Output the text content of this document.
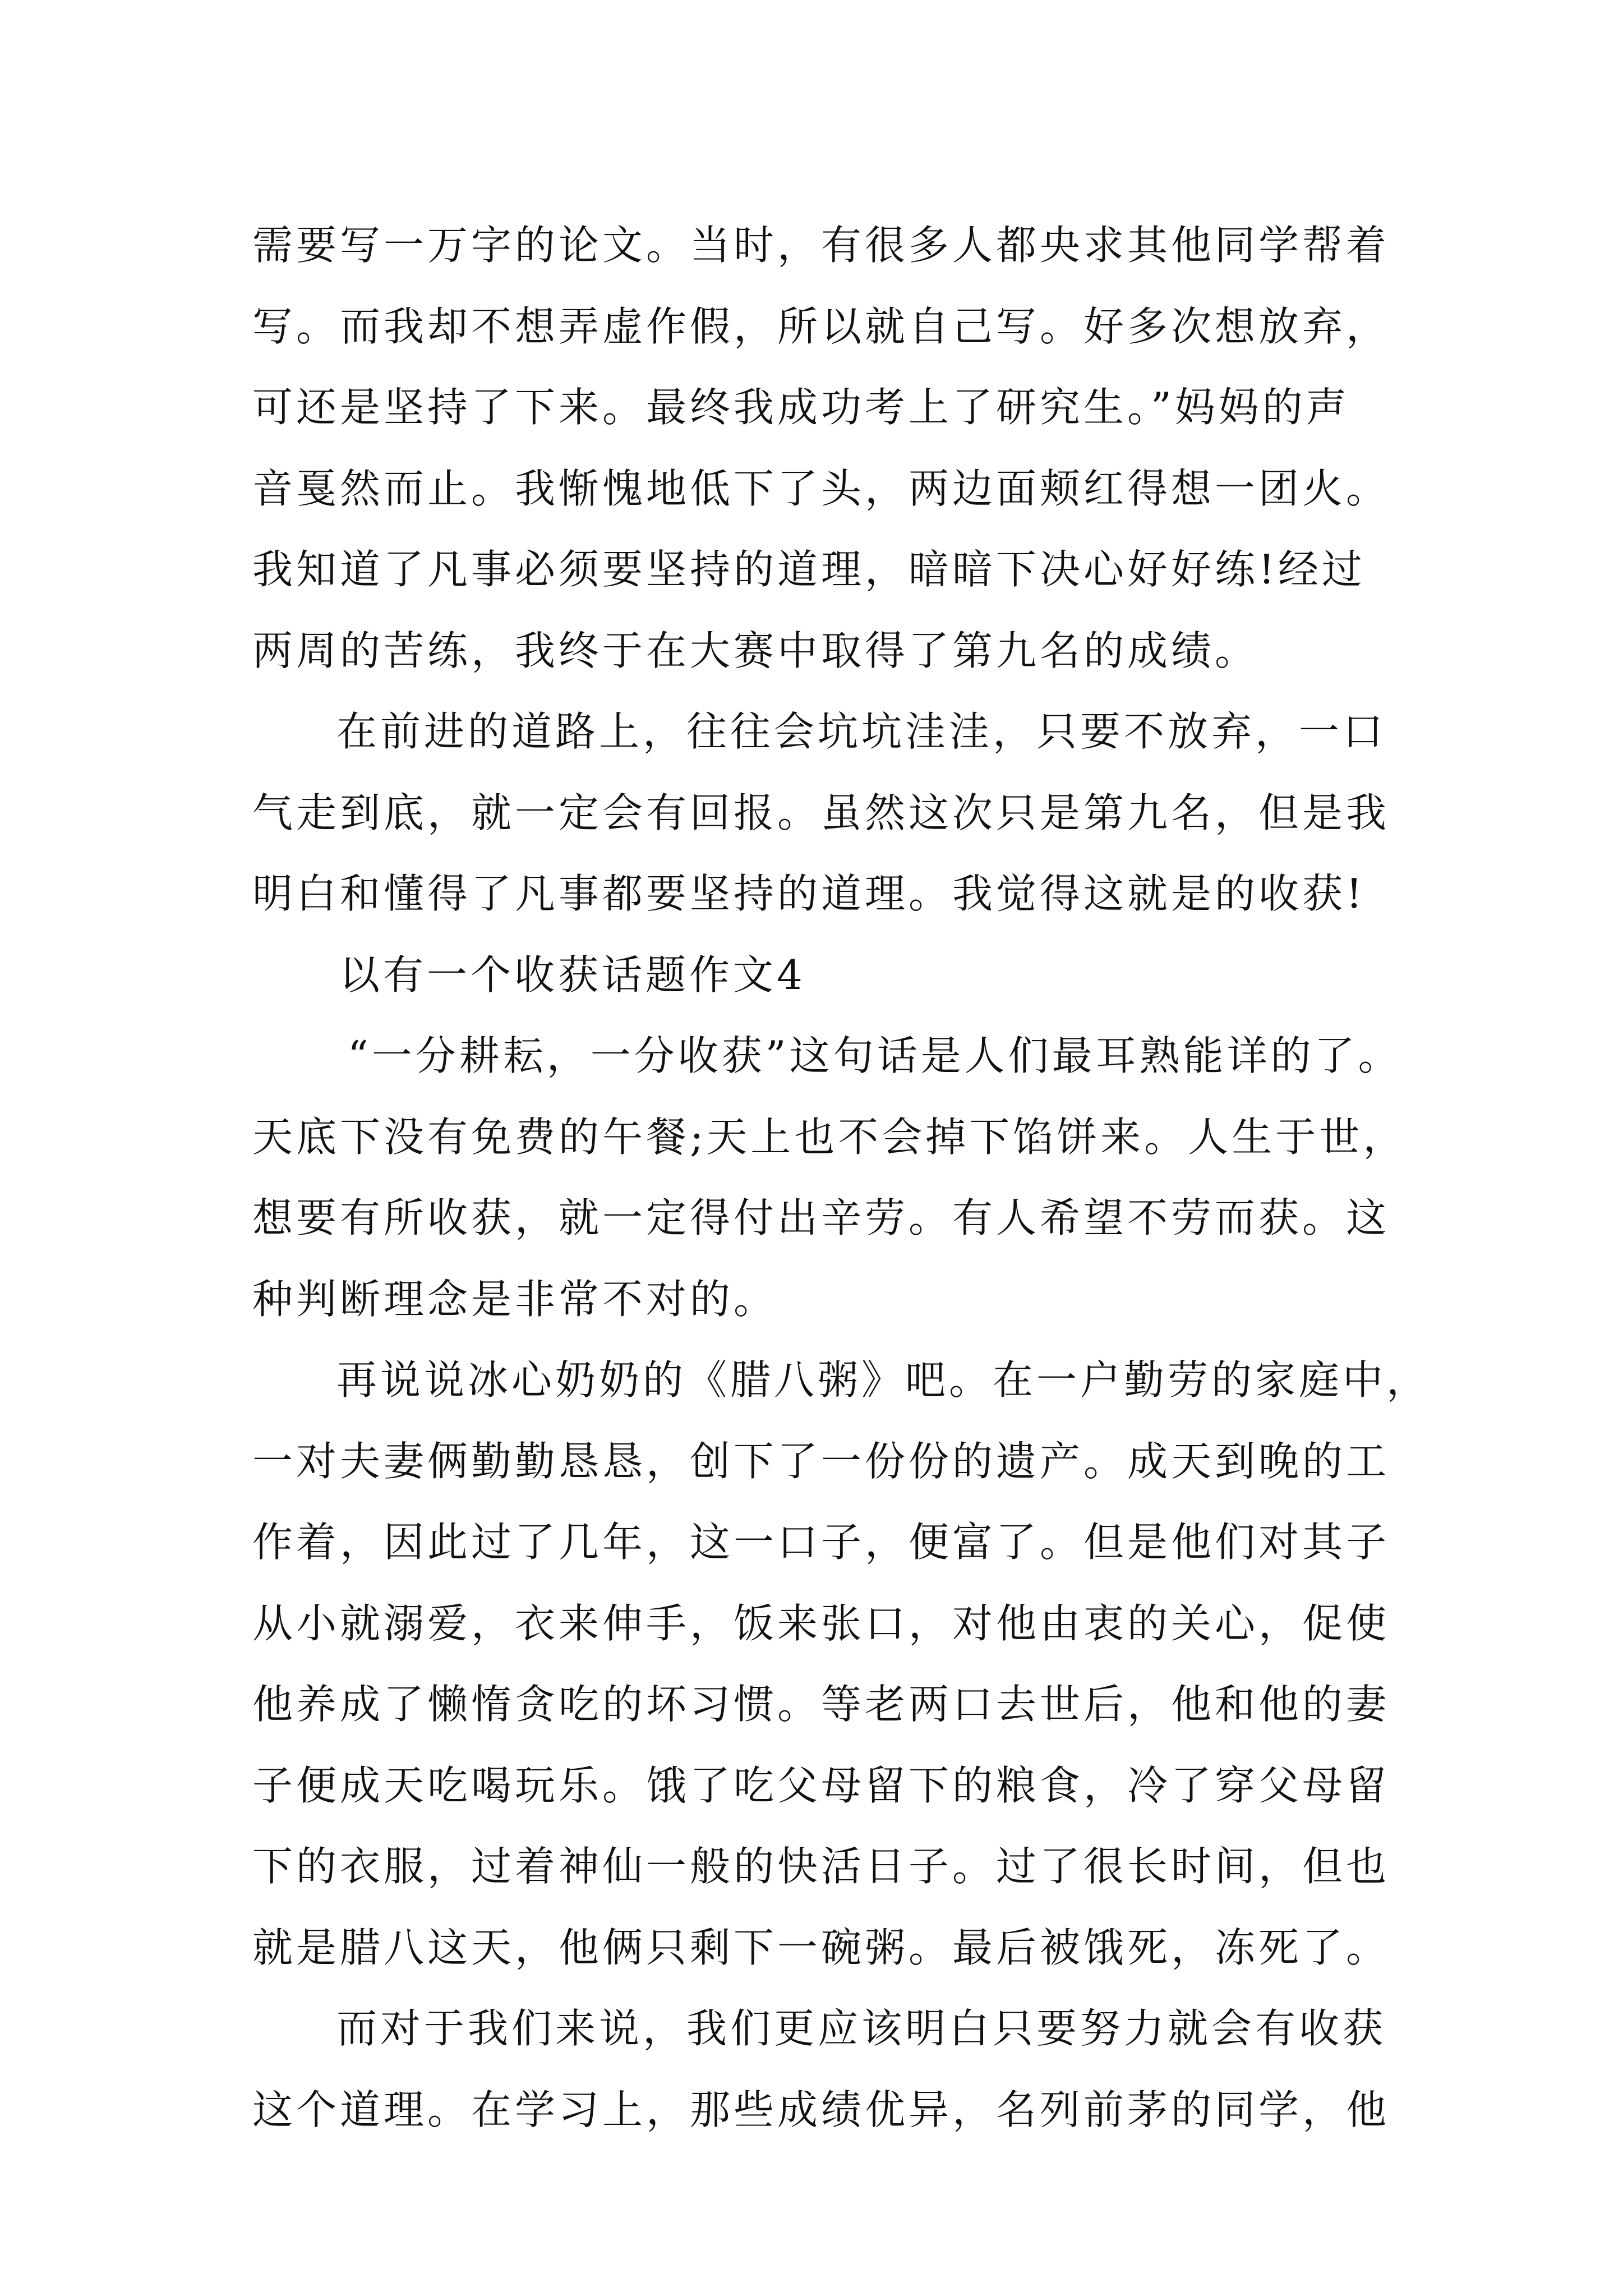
需要写一万字的论文。当时，有很多人都央求其他同学帮着
写。而我却不想弄虚作假，所以就自己写。好多次想放弃，
可还是坚持了下来。最终我成功考上了研究生。”妈妈的声
音戛然而止。我惭愧地低下了头，两边面颊红得想一团火。
我知道了凡事必须要坚持的道理，暗暗下决心好好练!经过
两周的苦练，我终于在大赛中取得了第九名的成绩。
在前进的道路上，往往会坑坑洼洼，只要不放弃，一口
气走到底，就一定会有回报。虽然这次只是第九名，但是我
明白和懂得了凡事都要坚持的道理。我觉得这就是的收获!
以有一个收获话题作文4
“一分耕耘，一分收获”这句话是人们最耳熟能详的了。
天底下没有免费的午餐;天上也不会掉下馅饼来。人生于世，
想要有所收获，就一定得付出辛劳。有人希望不劳而获。这
种判断理念是非常不对的。
再说说冰心奶奶的《腊八粥》吧。在一户勤劳的家庭中，
一对夫妻俩勤勤恳恳，创下了一份份的遗产。成天到晚的工
作着，因此过了几年，这一口子，便富了。但是他们对其子
从小就溺爱，衣来伸手，饭来张口，对他由衷的关心，促使
他养成了懒惰贪吃的坏习惯。等老两口去世后，他和他的妻
子便成天吃喝玩乐。饿了吃父母留下的粮食，冷了穿父母留
下的衣服，过着神仙一般的快活日子。过了很长时间，但也
就是腊八这天，他俩只剩下一碗粥。最后被饿死，冻死了。
而对于我们来说，我们更应该明白只要努力就会有收获
这个道理。在学习上，那些成绩优异，名列前茅的同学，他
